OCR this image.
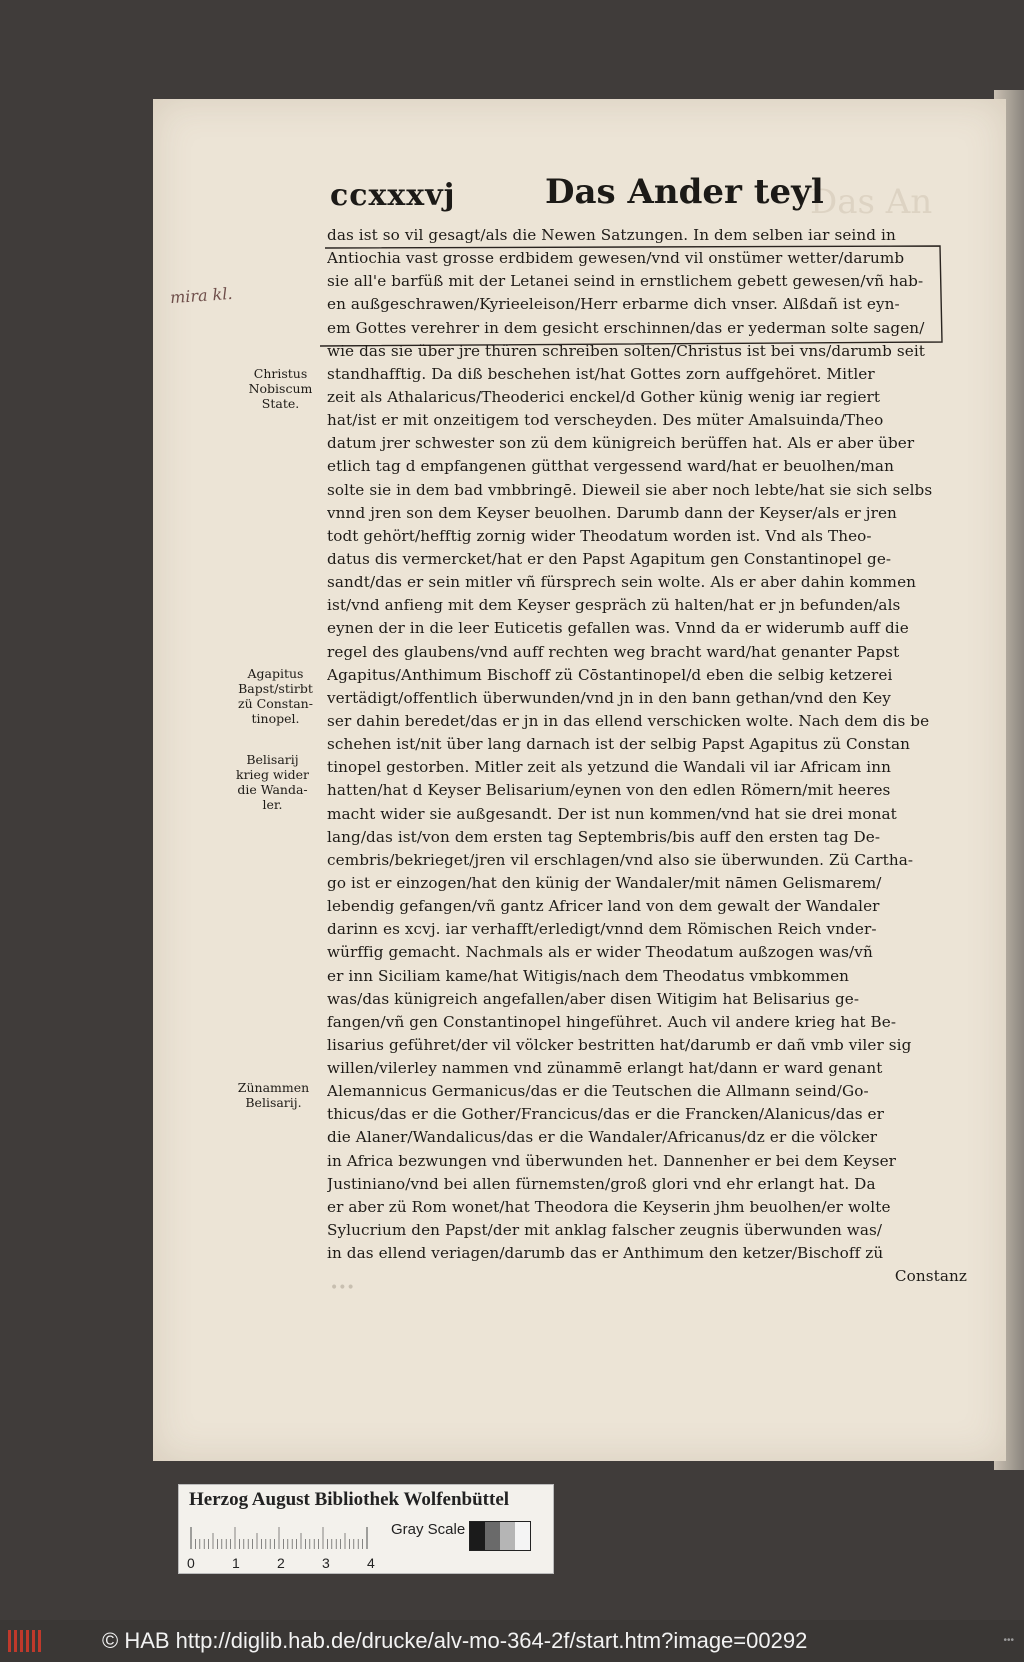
Das An
ccxxxvj	Das Ander teyl
mira kl.
Christus
Nobiscum
State.
Agapitus
Bapst/stirbt
zü Constan-
tinopel.
Belisarij
krieg wider
die Wanda-
ler.
Zünammen
Belisarij.
das ist so vil gesagt/als die Newen Satzungen. In dem selben iar seind in
Antiochia vast grosse erdbidem gewesen/vnd vil onstümer wetter/darumb
sie all'e barfüß mit der Letanei seind in ernstlichem gebett gewesen/vñ hab-
en außgeschrawen/Kyrieeleison/Herr erbarme dich vnser. Alßdañ ist eyn-
em Gottes verehrer in dem gesicht erschinnen/das er yederman solte sagen/
wie das sie über jre thüren schreiben solten/Christus ist bei vns/darumb seit
standhafftig. Da diß beschehen ist/hat Gottes zorn auffgehöret. Mitler
zeit als Athalaricus/Theoderici enckel/d Gother künig wenig iar regiert
hat/ist er mit onzeitigem tod verscheyden. Des müter Amalsuinda/Theo
datum jrer schwester son zü dem künigreich berüffen hat. Als er aber über
etlich tag d empfangenen gütthat vergessend ward/hat er beuolhen/man
solte sie in dem bad vmbbringē. Dieweil sie aber noch lebte/hat sie sich selbs
vnnd jren son dem Keyser beuolhen. Darumb dann der Keyser/als er jren
todt gehört/hefftig zornig wider Theodatum worden ist. Vnd als Theo-
datus dis vermercket/hat er den Papst Agapitum gen Constantinopel ge-
sandt/das er sein mitler vñ fürsprech sein wolte. Als er aber dahin kommen
ist/vnd anfieng mit dem Keyser gespräch zü halten/hat er jn befunden/als
eynen der in die leer Euticetis gefallen was. Vnnd da er widerumb auff die
regel des glaubens/vnd auff rechten weg bracht ward/hat genanter Papst
Agapitus/Anthimum Bischoff zü Cōstantinopel/d eben die selbig ketzerei
vertädigt/offentlich überwunden/vnd jn in den bann gethan/vnd den Key
ser dahin beredet/das er jn in das ellend verschicken wolte. Nach dem dis be
schehen ist/nit über lang darnach ist der selbig Papst Agapitus zü Constan
tinopel gestorben. Mitler zeit als yetzund die Wandali vil iar Africam inn
hatten/hat d Keyser Belisarium/eynen von den edlen Römern/mit heeres
macht wider sie außgesandt. Der ist nun kommen/vnd hat sie drei monat
lang/das ist/von dem ersten tag Septembris/bis auff den ersten tag De-
cembris/bekrieget/jren vil erschlagen/vnd also sie überwunden. Zü Cartha-
go ist er einzogen/hat den künig der Wandaler/mit nāmen Gelismarem/
lebendig gefangen/vñ gantz Africer land von dem gewalt der Wandaler
darinn es xcvj. iar verhafft/erledigt/vnnd dem Römischen Reich vnder-
würffig gemacht. Nachmals als er wider Theodatum außzogen was/vñ
er inn Siciliam kame/hat Witigis/nach dem Theodatus vmbkommen
was/das künigreich angefallen/aber disen Witigim hat Belisarius ge-
fangen/vñ gen Constantinopel hingeführet. Auch vil andere krieg hat Be-
lisarius geführet/der vil völcker bestritten hat/darumb er dañ vmb viler sig
willen/vilerley nammen vnd zünammē erlangt hat/dann er ward genant
Alemannicus Germanicus/das er die Teutschen die Allmann seind/Go-
thicus/das er die Gother/Francicus/das er die Francken/Alanicus/das er
die Alaner/Wandalicus/das er die Wandaler/Africanus/dz er die völcker
in Africa bezwungen vnd überwunden het. Dannenher er bei dem Keyser
Justiniano/vnd bei allen fürnemsten/groß glori vnd ehr erlangt hat. Da
er aber zü Rom wonet/hat Theodora die Keyserin jhm beuolhen/er wolte
Sylucrium den Papst/der mit anklag falscher zeugnis überwunden was/
in das ellend veriagen/darumb das er Anthimum den ketzer/Bischoff zü
Constanz
•••
Herzog August Bibliothek Wolfenbüttel
0	1	2	3	4
Gray Scale
© HAB http://diglib.hab.de/drucke/alv-mo-364-2f/start.htm?image=00292	•••
